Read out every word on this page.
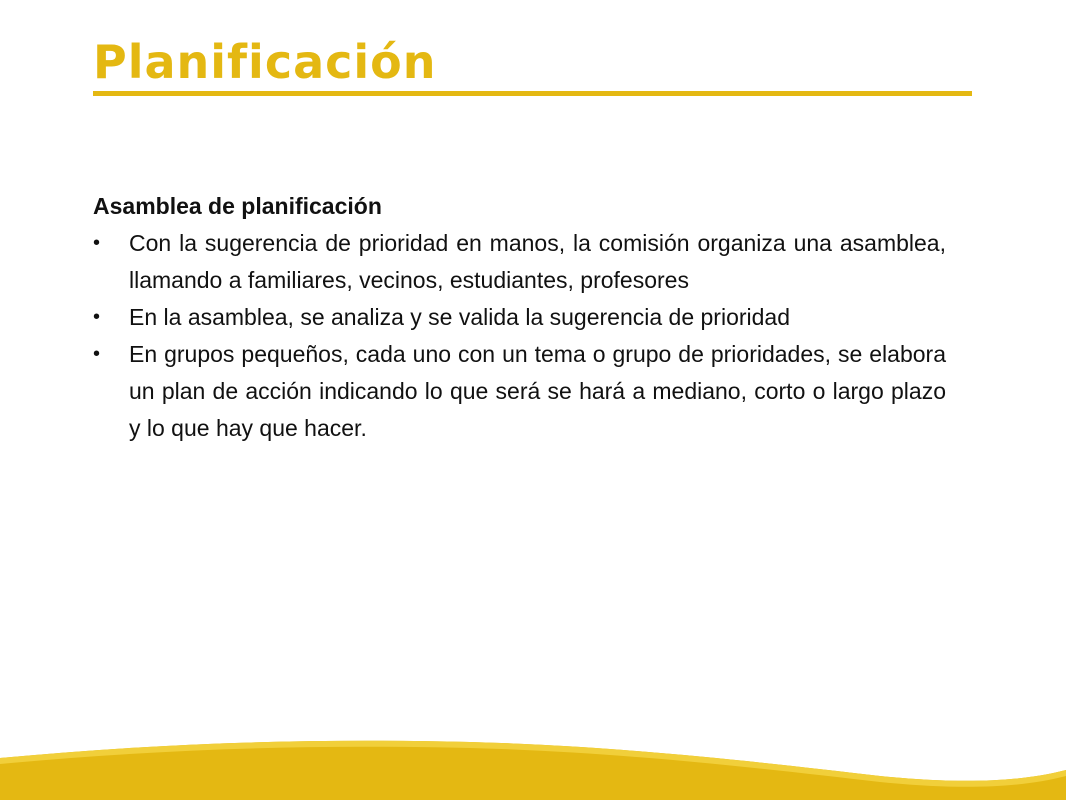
Planificación

Asamblea de planificación

•	Con la sugerencia de prioridad en manos, la comisión organiza una asamblea, llamando a familiares, vecinos, estudiantes, profesores
•	En la asamblea, se analiza y se valida la sugerencia de prioridad
•	En grupos pequeños, cada uno con un tema o grupo de prioridades, se elabora un plan de acción indicando lo que será se hará a mediano, corto o largo plazo y lo que hay que hacer.
